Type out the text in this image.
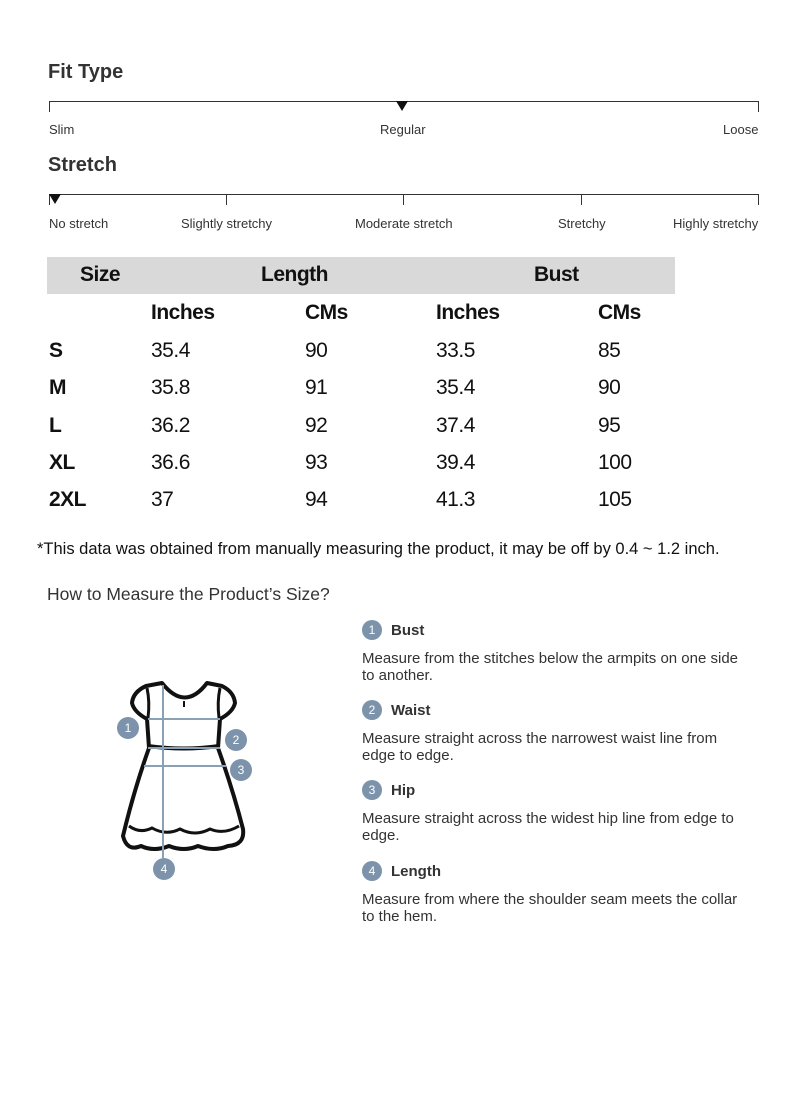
Fit Type
Slim	Regular	Loose
Stretch
No stretch	Slightly stretchy	Moderate stretch	Stretchy	Highly stretchy
Size	Length	Bust
Inches	CMs	Inches	CMs
S	35.4	90	33.5	85
M	35.8	91	35.4	90
L	36.2	92	37.4	95
XL	36.6	93	39.4	100
2XL	37	94	41.3	105
*This data was obtained from manually measuring the product, it may be off by 0.4 ~ 1.2 inch.
How to Measure the Product’s Size?
1
2
3
4
1	Bust
Measure from the stitches below the armpits on one side to another.
2	Waist
Measure straight across the narrowest waist line from edge to edge.
3	Hip
Measure straight across the widest hip line from edge to edge.
4	Length
Measure from where the shoulder seam meets the collar to the hem.
